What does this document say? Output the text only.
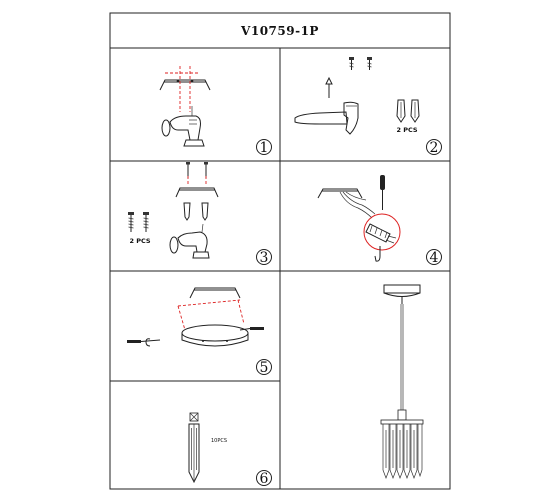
V10759-1P
1
2 PCS
2
2 PCS
3	4
5
10PCS
6
